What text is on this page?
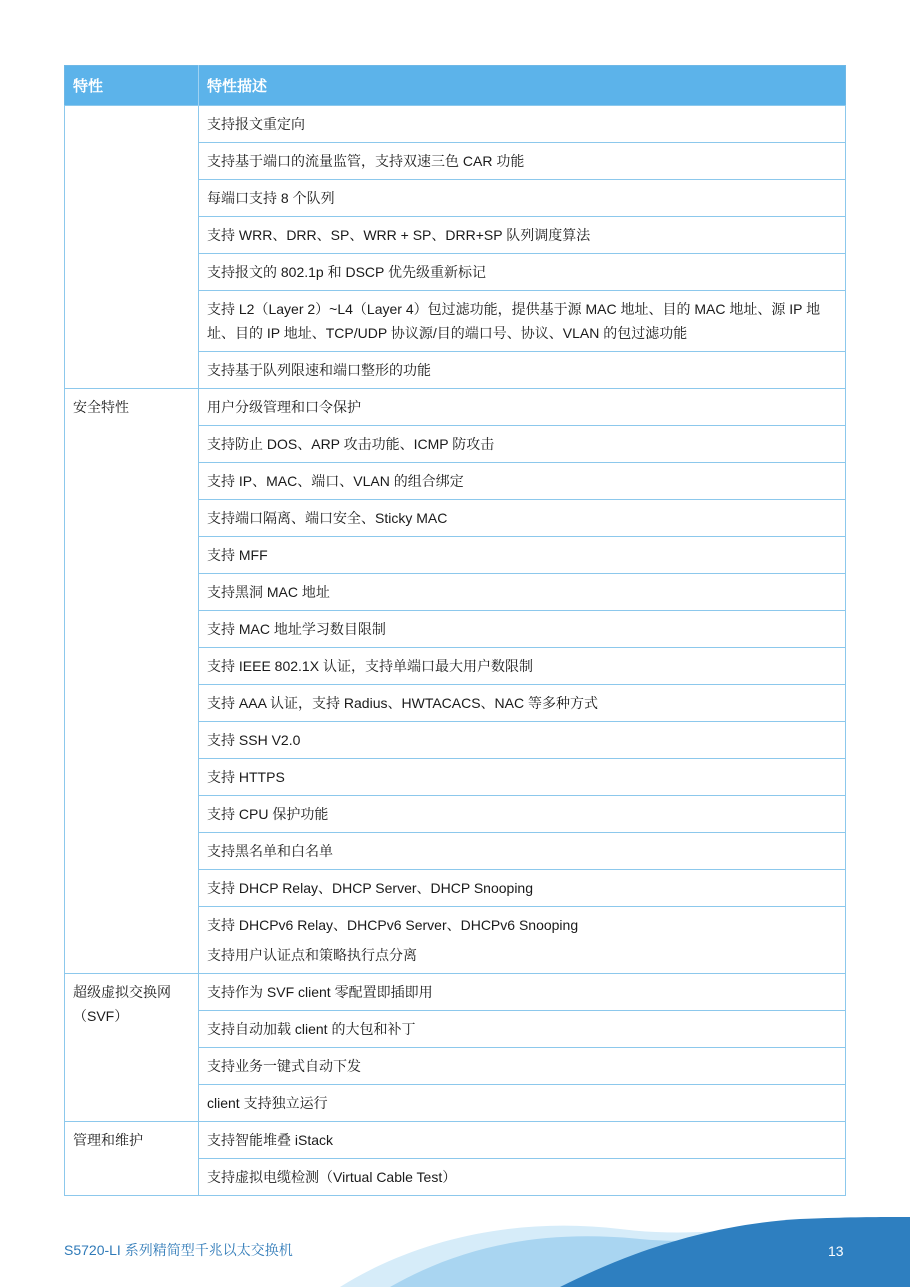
特性	特性描述

	支持报文重定向

	支持基于端口的流量监管，支持双速三色 CAR 功能

	每端口支持 8 个队列

	支持 WRR、DRR、SP、WRR + SP、DRR+SP 队列调度算法

	支持报文的 802.1p 和 DSCP 优先级重新标记

	支持 L2（Layer 2）~L4（Layer 4）包过滤功能，提供基于源 MAC 地址、目的 MAC 地址、源 IP 地址、目的 IP 地址、TCP/UDP 协议源/目的端口号、协议、VLAN 的包过滤功能

	支持基于队列限速和端口整形的功能

安全特性	用户分级管理和口令保护

	支持防止 DOS、ARP 攻击功能、ICMP 防攻击

	支持 IP、MAC、端口、VLAN 的组合绑定

	支持端口隔离、端口安全、Sticky MAC

	支持 MFF

	支持黑洞 MAC 地址

	支持 MAC 地址学习数目限制

	支持 IEEE 802.1X 认证，支持单端口最大用户数限制

	支持 AAA 认证，支持 Radius、HWTACACS、NAC 等多种方式

	支持 SSH V2.0

	支持 HTTPS

	支持 CPU 保护功能

	支持黑名单和白名单

	支持 DHCP Relay、DHCP Server、DHCP Snooping

	支持 DHCPv6 Relay、DHCPv6 Server、DHCPv6 Snooping
支持用户认证点和策略执行点分离

超级虚拟交换网（SVF）	支持作为 SVF client 零配置即插即用

	支持自动加载 client 的大包和补丁

	支持业务一键式自动下发

	client 支持独立运行

管理和维护	支持智能堆叠 iStack

	支持虚拟电缆检测（Virtual Cable Test）
S5720-LI 系列精简型千兆以太交换机	13
